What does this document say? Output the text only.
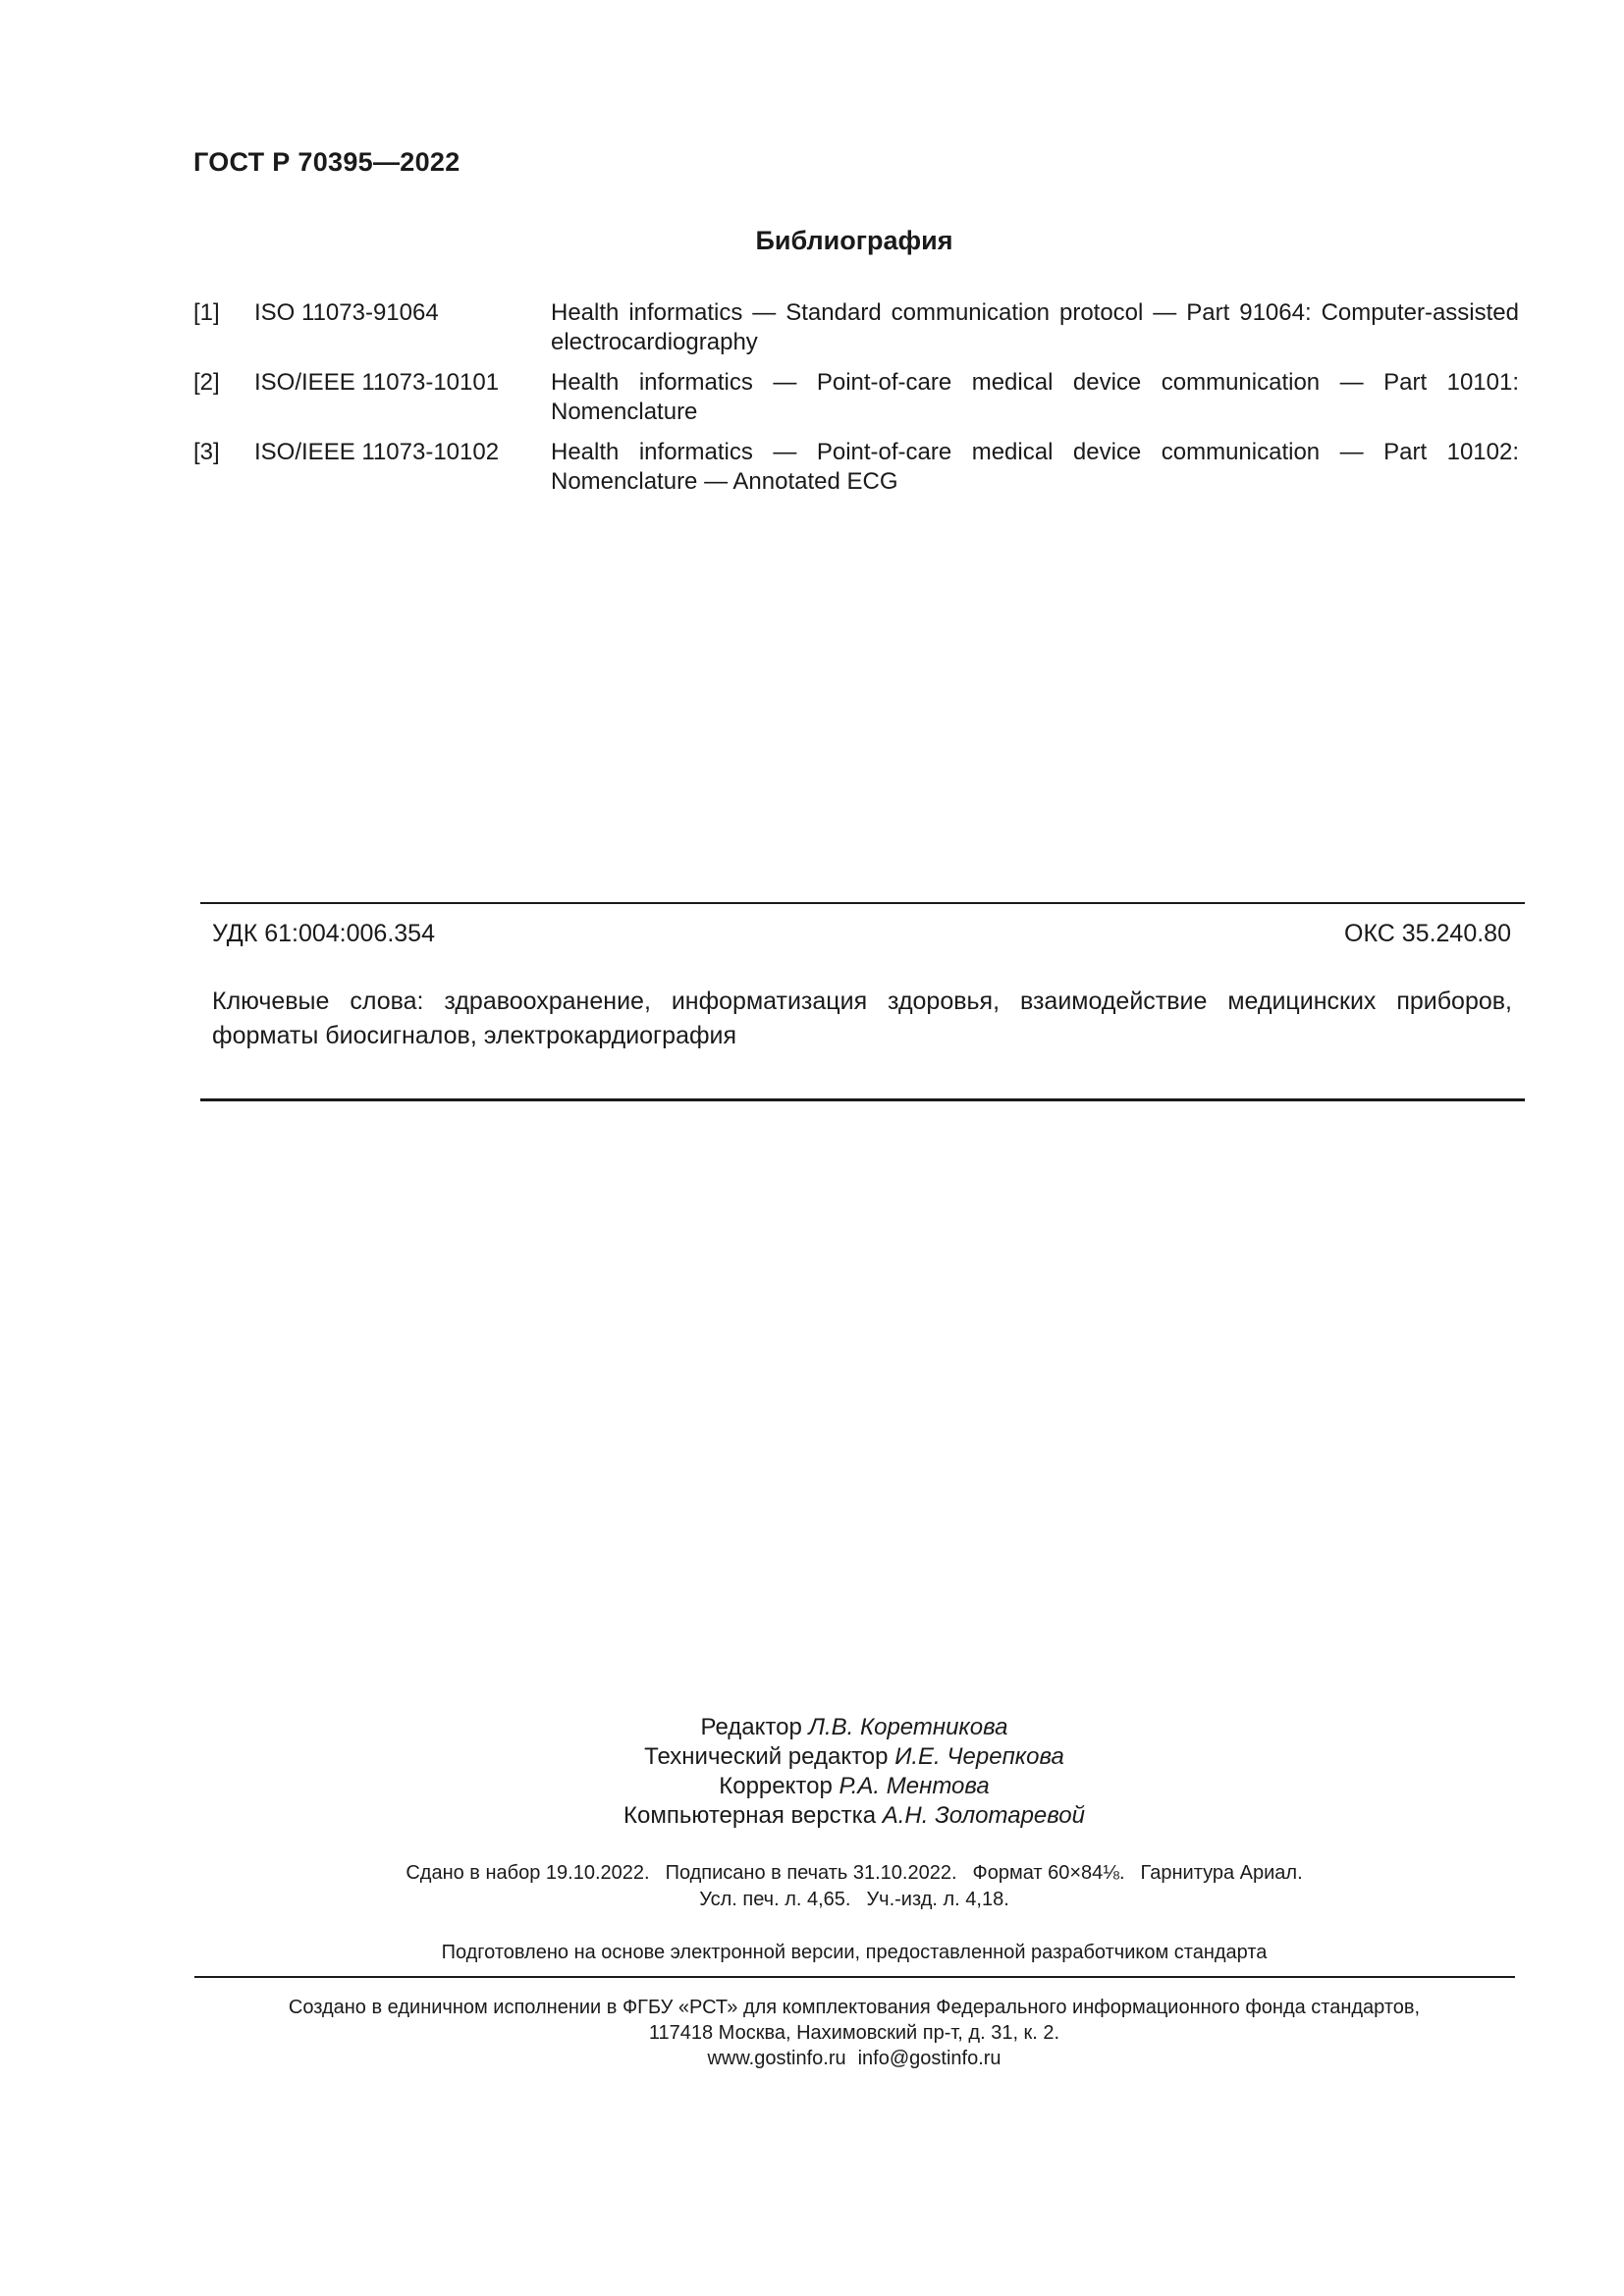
ГОСТ Р 70395—2022
Библиография
[1]	ISO 11073-91064	Health informatics — Standard communication protocol — Part 91064: Computer-assisted electrocardiography
[2]	ISO/IEEE 11073-10101	Health informatics — Point-of-care medical device communication — Part 10101: Nomenclature
[3]	ISO/IEEE 11073-10102	Health informatics — Point-of-care medical device communication — Part 10102: Nomenclature — Annotated ECG
УДК 61:004:006.354	ОКС 35.240.80
Ключевые слова: здравоохранение, информатизация здоровья, взаимодействие медицинских приборов, форматы биосигналов, электрокардиография
Редактор Л.В. Коретникова
Технический редактор И.Е. Черепкова
Корректор Р.А. Ментова
Компьютерная верстка А.Н. Золотаревой
Сдано в набор 19.10.2022. Подписано в печать 31.10.2022. Формат 60×84⅛. Гарнитура Ариал.
Усл. печ. л. 4,65. Уч.-изд. л. 4,18.
Подготовлено на основе электронной версии, предоставленной разработчиком стандарта
Создано в единичном исполнении в ФГБУ «РСТ» для комплектования Федерального информационного фонда стандартов,
117418 Москва, Нахимовский пр-т, д. 31, к. 2.
www.gostinfo.ru info@gostinfo.ru
